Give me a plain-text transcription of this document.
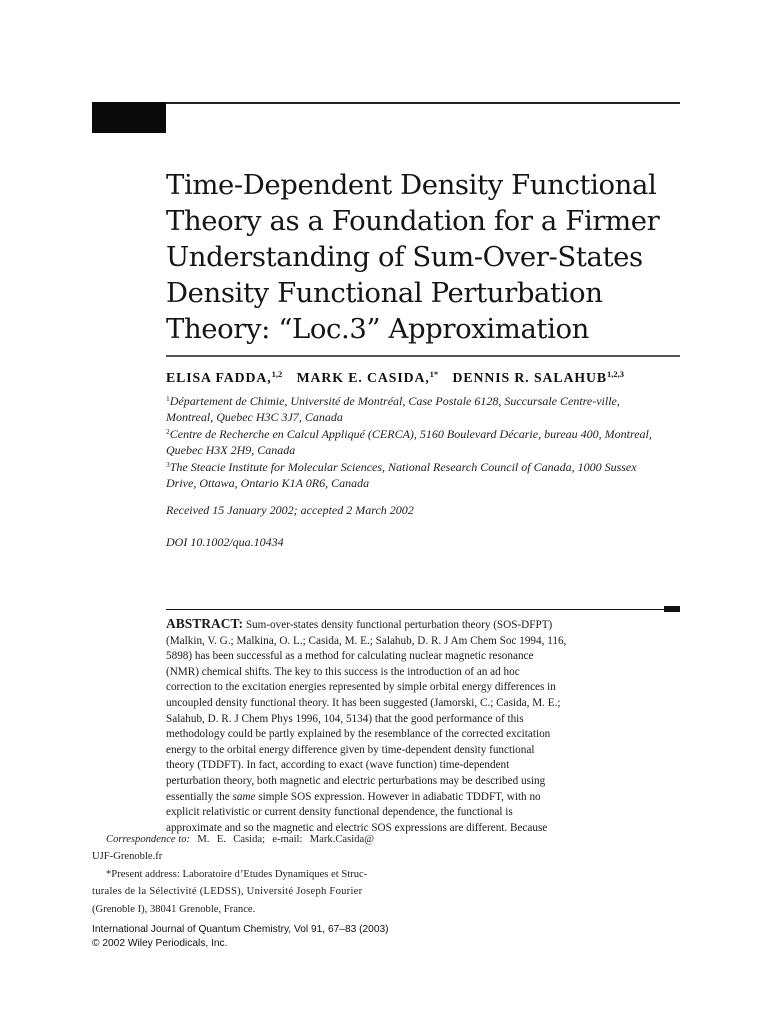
Time-Dependent Density Functional
Theory as a Foundation for a Firmer
Understanding of Sum-Over-States
Density Functional Perturbation
Theory: “Loc.3” Approximation
ELISA FADDA,$^{1,2}$ MARK E. CASIDA,$^{1*}$ DENNIS R. SALAHUB$^{1,2,3}$
$^1$Département de Chimie, Université de Montréal, Case Postale 6128, Succursale Centre-ville,
Montreal, Quebec H3C 3J7, Canada
$^2$Centre de Recherche en Calcul Appliqué (CERCA), 5160 Boulevard Décarie, bureau 400, Montreal,
Quebec H3X 2H9, Canada
$^3$The Steacie Institute for Molecular Sciences, National Research Council of Canada, 1000 Sussex
Drive, Ottawa, Ontario K1A 0R6, Canada
Received 15 January 2002; accepted 2 March 2002
DOI 10.1002/qua.10434
ABSTRACT: Sum-over-states density functional perturbation theory (SOS-DFPT)
(Malkin, V. G.; Malkina, O. L.; Casida, M. E.; Salahub, D. R. J Am Chem Soc 1994, 116,
5898) has been successful as a method for calculating nuclear magnetic resonance
(NMR) chemical shifts. The key to this success is the introduction of an ad hoc
correction to the excitation energies represented by simple orbital energy differences in
uncoupled density functional theory. It has been suggested (Jamorski, C.; Casida, M. E.;
Salahub, D. R. J Chem Phys 1996, 104, 5134) that the good performance of this
methodology could be partly explained by the resemblance of the corrected excitation
energy to the orbital energy difference given by time-dependent density functional
theory (TDDFT). In fact, according to exact (wave function) time-dependent
perturbation theory, both magnetic and electric perturbations may be described using
essentially the same simple SOS expression. However in adiabatic TDDFT, with no
explicit relativistic or current density functional dependence, the functional is
approximate and so the magnetic and electric SOS expressions are different. Because
Correspondence to: M. E. Casida; e-mail: Mark.Casida@
UJF-Grenoble.fr
*Present address: Laboratoire d’Etudes Dynamiques et Struc-
turales de la Sélectivité (LEDSS), Université Joseph Fourier
(Grenoble I), 38041 Grenoble, France.
International Journal of Quantum Chemistry, Vol 91, 67–83 (2003)
© 2002 Wiley Periodicals, Inc.
